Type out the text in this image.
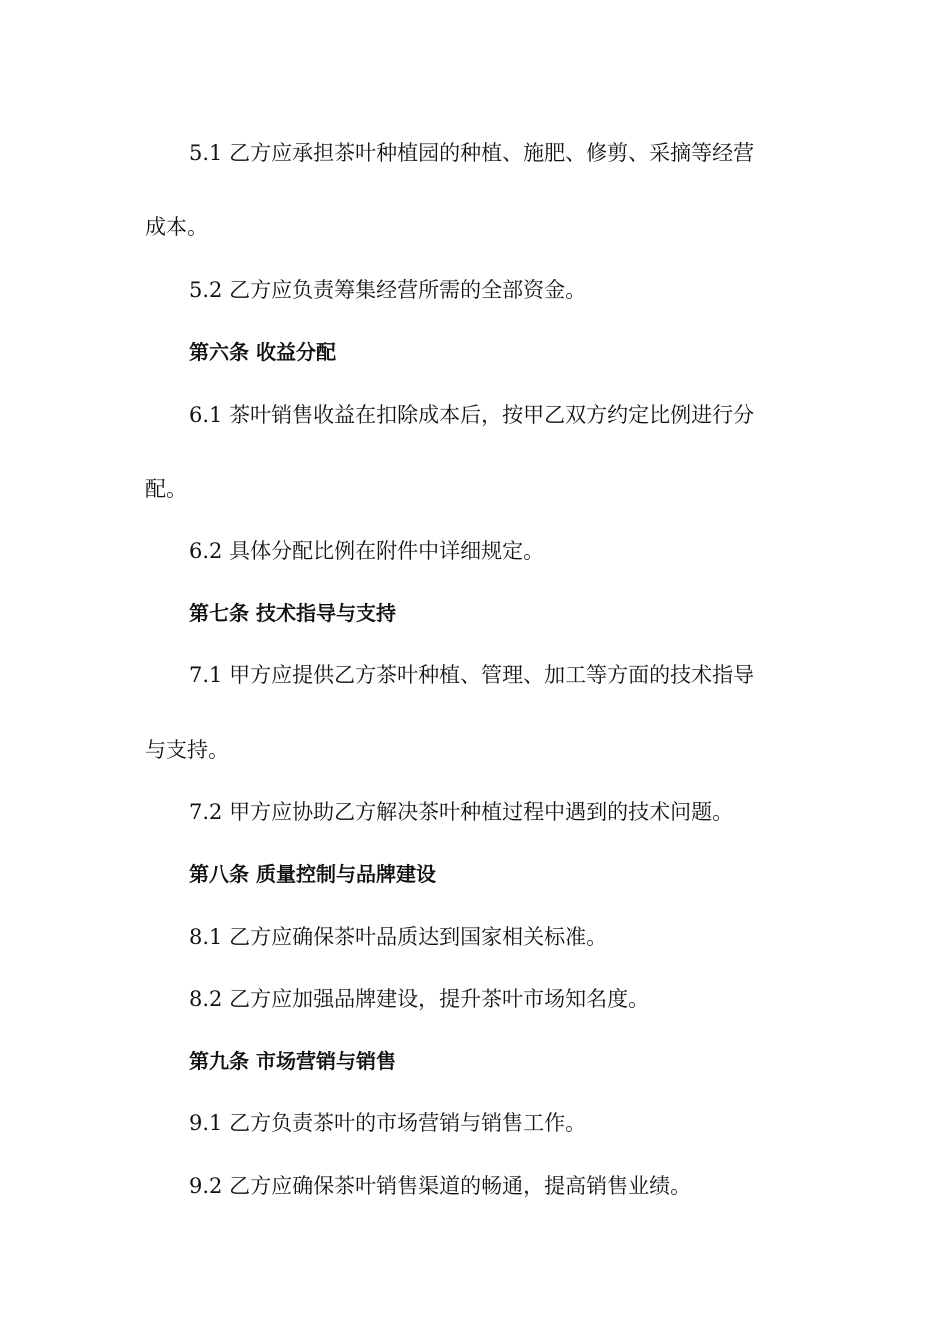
5.1 乙方应承担茶叶种植园的种植、施肥、修剪、采摘等经营
成本。
5.2 乙方应负责筹集经营所需的全部资金。
第六条 收益分配
6.1 茶叶销售收益在扣除成本后，按甲乙双方约定比例进行分
配。
6.2 具体分配比例在附件中详细规定。
第七条 技术指导与支持
7.1 甲方应提供乙方茶叶种植、管理、加工等方面的技术指导
与支持。
7.2 甲方应协助乙方解决茶叶种植过程中遇到的技术问题。
第八条 质量控制与品牌建设
8.1 乙方应确保茶叶品质达到国家相关标准。
8.2 乙方应加强品牌建设，提升茶叶市场知名度。
第九条 市场营销与销售
9.1 乙方负责茶叶的市场营销与销售工作。
9.2 乙方应确保茶叶销售渠道的畅通，提高销售业绩。
